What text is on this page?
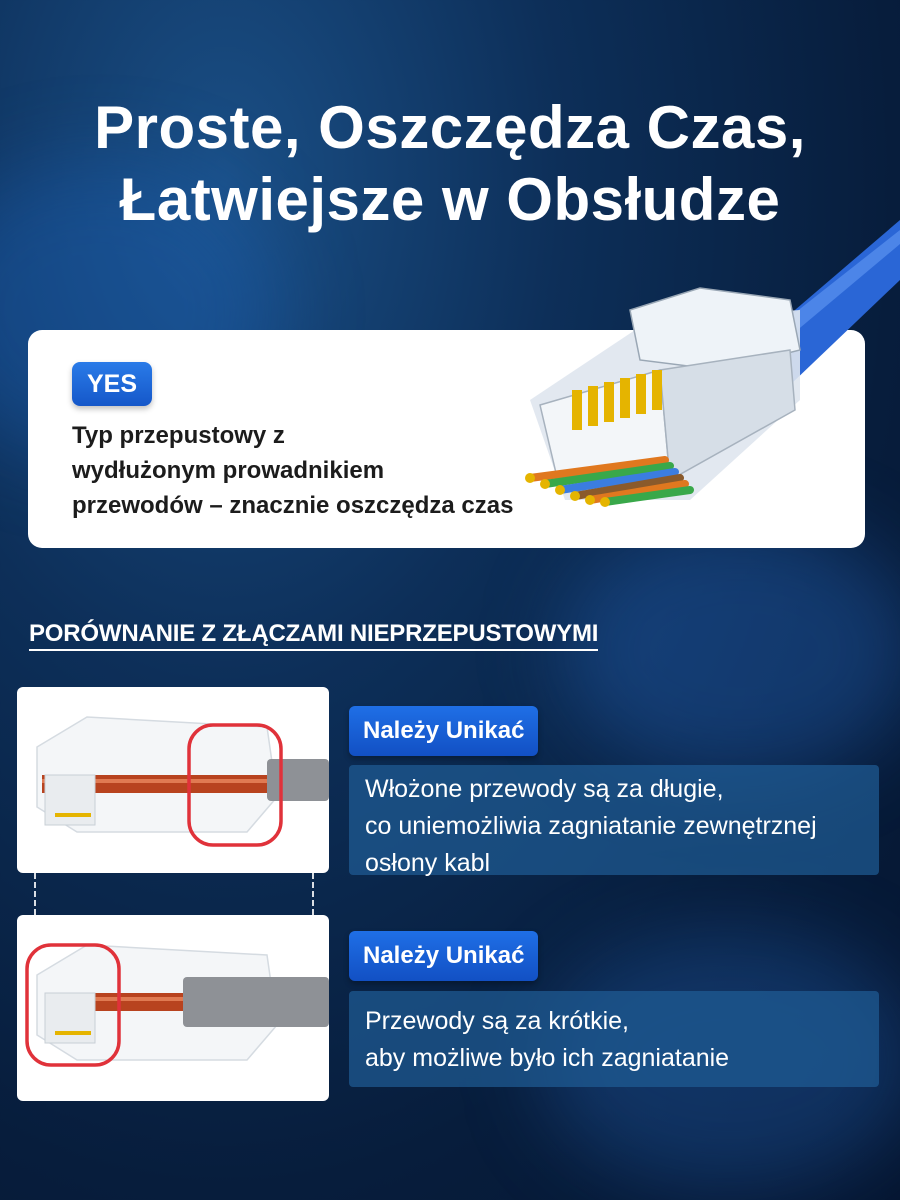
Proste, Oszczędza Czas,
Łatwiejsze w Obsłudze
YES
Typ przepustowy z
wydłużonym prowadnikiem
przewodów – znacznie oszczędza czas
PORÓWNANIE Z ZŁĄCZAMI NIEPRZEPUSTOWYMI
Należy Unikać
Włożone przewody są za długie,
co uniemożliwia zagniatanie zewnętrznej
osłony kabl
Należy Unikać
Przewody są za krótkie,
aby możliwe było ich zagniatanie
